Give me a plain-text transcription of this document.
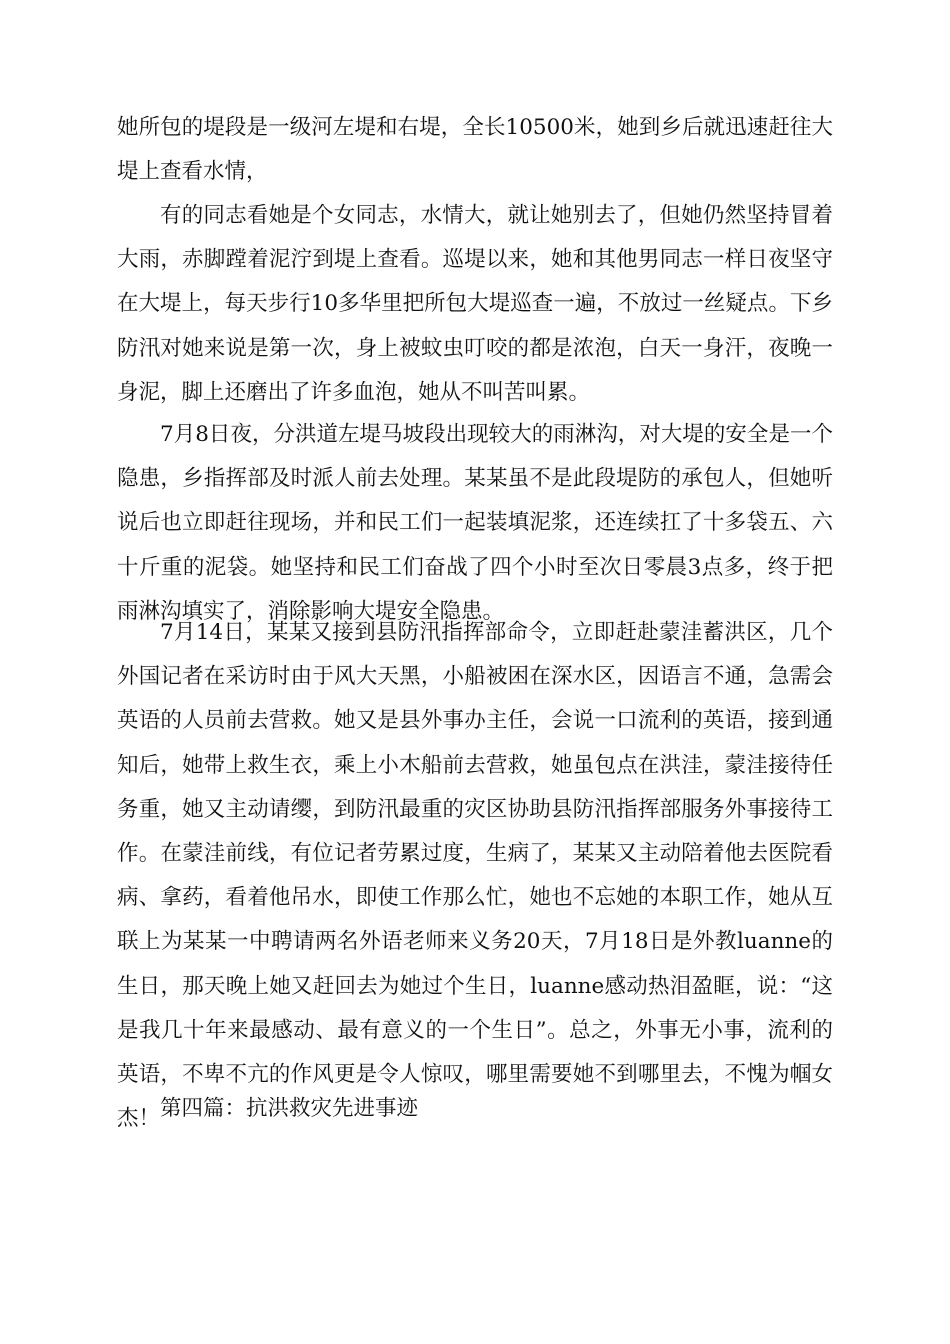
她所包的堤段是一级河左堤和右堤，全长10500米，她到乡后就迅速赶往大堤上查看水情，

有的同志看她是个女同志，水情大，就让她别去了，但她仍然坚持冒着大雨，赤脚蹚着泥泞到堤上查看。巡堤以来，她和其他男同志一样日夜坚守在大堤上，每天步行10多华里把所包大堤巡查一遍，不放过一丝疑点。下乡防汛对她来说是第一次，身上被蚊虫叮咬的都是浓泡，白天一身汗，夜晚一身泥，脚上还磨出了许多血泡，她从不叫苦叫累。

7月8日夜，分洪道左堤马坡段出现较大的雨淋沟，对大堤的安全是一个隐患，乡指挥部及时派人前去处理。某某虽不是此段堤防的承包人，但她听说后也立即赶往现场，并和民工们一起装填泥浆，还连续扛了十多袋五、六十斤重的泥袋。她坚持和民工们奋战了四个小时至次日零晨3点多，终于把雨淋沟填实了，消除影响大堤安全隐患。

7月14日，某某又接到县防汛指挥部命令，立即赶赴蒙洼蓄洪区，几个外国记者在采访时由于风大天黑，小船被困在深水区，因语言不通，急需会英语的人员前去营救。她又是县外事办主任，会说一口流利的英语，接到通知后，她带上救生衣，乘上小木船前去营救，她虽包点在洪洼，蒙洼接待任务重，她又主动请缨，到防汛最重的灾区协助县防汛指挥部服务外事接待工作。在蒙洼前线，有位记者劳累过度，生病了，某某又主动陪着他去医院看病、拿药，看着他吊水，即使工作那么忙，她也不忘她的本职工作，她从互联上为某某一中聘请两名外语老师来义务20天，7月18日是外教luanne的生日，那天晚上她又赶回去为她过个生日，luanne感动热泪盈眶，说：“这是我几十年来最感动、最有意义的一个生日”。总之，外事无小事，流利的英语，不卑不亢的作风更是令人惊叹，哪里需要她不到哪里去，不愧为帼女杰！ 第四篇：抗洪救灾先进事迹
